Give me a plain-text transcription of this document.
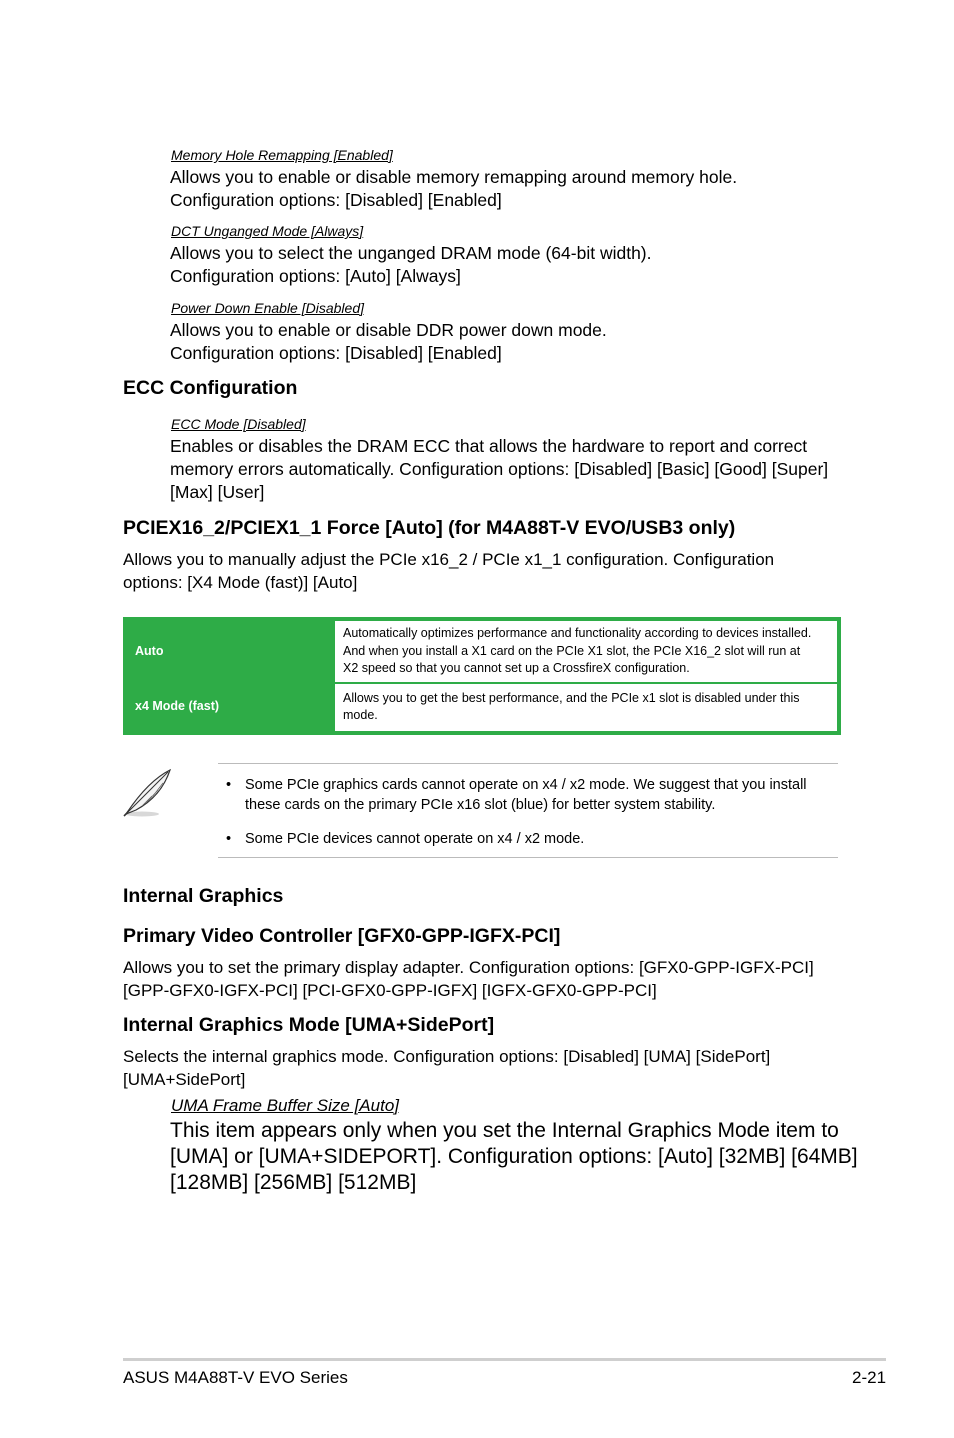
Memory Hole Remapping [Enabled]
Allows you to enable or disable memory remapping around memory hole.
Configuration options: [Disabled] [Enabled]
DCT Unganged Mode [Always]
Allows you to select the unganged DRAM mode (64-bit width).
Configuration options: [Auto] [Always]
Power Down Enable [Disabled]
Allows you to enable or disable DDR power down mode.
Configuration options: [Disabled] [Enabled]
ECC Configuration
ECC Mode [Disabled]
Enables or disables the DRAM ECC that allows the hardware to report and correct
memory errors automatically. Configuration options: [Disabled] [Basic] [Good] [Super]
[Max] [User]
PCIEX16_2/PCIEX1_1 Force [Auto] (for M4A88T-V EVO/USB3 only)
Allows you to manually adjust the PCIe x16_2 / PCIe x1_1 configuration. Configuration
options: [X4 Mode (fast)] [Auto]
Auto	Automatically optimizes performance and functionality according to devices installed.
And when you install a X1 card on the PCIe X1 slot, the PCIe X16_2 slot will run at
X2 speed so that you cannot set up a CrossfireX configuration.

x4 Mode (fast)	Allows you to get the best performance, and the PCIe x1 slot is disabled under this
mode.
• Some PCIe graphics cards cannot operate on x4 / x2 mode. We suggest that you install
these cards on the primary PCIe x16 slot (blue) for better system stability.
• Some PCIe devices cannot operate on x4 / x2 mode.
Internal Graphics
Primary Video Controller [GFX0-GPP-IGFX-PCI]
Allows you to set the primary display adapter. Configuration options: [GFX0-GPP-IGFX-PCI]
[GPP-GFX0-IGFX-PCI] [PCI-GFX0-GPP-IGFX] [IGFX-GFX0-GPP-PCI]
Internal Graphics Mode [UMA+SidePort]
Selects the internal graphics mode. Configuration options: [Disabled] [UMA] [SidePort]
[UMA+SidePort]
UMA Frame Buffer Size [Auto]
This item appears only when you set the Internal Graphics Mode item to
[UMA] or [UMA+SIDEPORT]. Configuration options: [Auto] [32MB] [64MB]
[128MB] [256MB] [512MB]
ASUS M4A88T-V EVO Series	2-21
